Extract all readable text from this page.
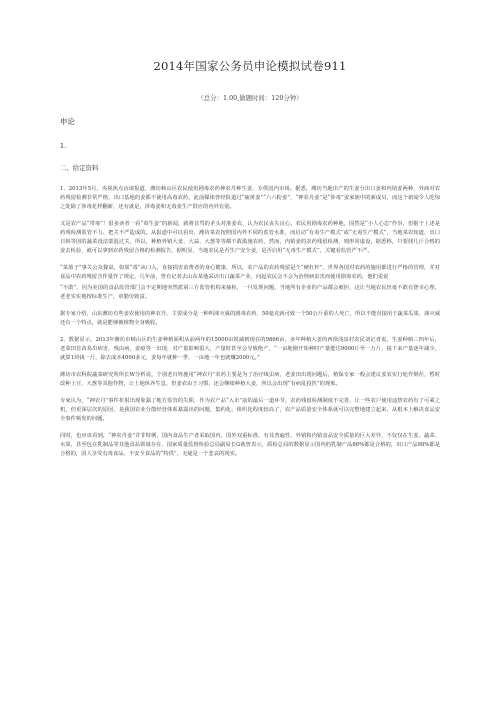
2014年国家公务员申论模拟试卷911
（总分：1.00,做题时间：120分钟）
申论
1.
二、给定资料

1．2013年5月，央视焦点访谈报道，潍坊峡山区农民使用剧毒农药神农丹种生姜，专供国内市场。据悉，潍坊当地出产的生姜分出口姜和内销姜两种，外商对农药残留检测非常严格，出口基地的姜都不使用高毒农药，此前媒体曾经报道过“硫黄姜”“六六粉姜”，“神农丹姜”是“涉毒”姜家族中的新成员，而这个新闻令人吃惊之处除了涉毒花样翻新，还有就是，涉毒姜和无毒姜生产供应的内外有别。

又是农产品“带毒”！很多读者一看“毒生姜”的新闻，就将首骂的矛头对准姜农，认为农民丧失良心。农民用剧毒农药种地，固然是“小人心态”作祟，但据于上述是药残检测监管不力、把关不严造成的。从报道中可以看出，潍坊菜农按照国内外不同的监管水准，而启动“有毒生产模式”或“无毒生产模式”，当地菜农知道，出口日韩等国的蔬菜没法蒙混过关，所以，种植外销大姜、大蒜、大葱等等都不敢滥施农药，然而，内销姜的农药残留检测，则形同虚设，据悉称，只要找几斤合格的姜去检验，就可以拿到农药残留合格的检测报告，据明显，当地农民是否生产安全姜，是否启用“无毒生产模式”，关键看监管严不严。

“菜篮子”事关公众餐桌，如果“毒”从口入，直接损害消费者的身心健康，所以，农产品的农药残留是个“硬杠杆”，世界各国对农药的施用都进行严格的管理，并对食品中农药残留含作量作了规定，几年前，曾有记者去山东某地采访出口蔬菜产业，问起农民会不会为治理病虫害而使用剧毒农药，他们说说

“不敢”，因为美国的食品监管部门会不定期地突然派第三方监管机构来抽检，一旦发现问题，当地所有企业的产品都会被拒，这让当地农民丝毫不敢有侥幸心理，老老实实地按标准生产，章勤劳致富。

据专家介绍，山东潍坊有些姜农使用的神农丹，主要成分是一种叫涕灭威的剧毒农药，50毫克就可致一个50公斤重的人死亡，所以不能直接用于蔬菜瓜果，涕灭威还有一个特点，就是能够被植物全身吸收。

2．数据显示，2013年潍坊市峡山区的生姜种植面积从前两年的15000亩锐减到现在的9866亩，多年种植大姜的西徐浅泉村农民刘记者说，生姜种植三四年后，老菜田首苗易出病害，残由病，姜瘟等一出现，对产量影响很大，产量时甚至会导致绝产，“一亩地刚开始种时产量能达9000斤至一万斤，接下来产量逐年减少，就算1块钱一斤，除去成本4000多元，姜每年就种一季，一亩地一年也就赚2000元。”

潍坊市农科院蔬菜研究所所长W分析说，个别老百姓施用“神农丹”农药主要是为了治疗线虫病，老姜田出现问题后，植保专家一般会建议姜农实行轮作倒茬，暂时改种土豆、大葱等其他作物，让土地休养生息，但姜农由于习惯，还会继续种植大姜，所以会出现“有病乱投医”的现象。

专家认为，“神农丹”事件折射出现象露了地方监管的失职，作为农产品“入市”前的最后一道环节，农药残留检测制度不完善，让一些农户使用违禁农药有了可乘之机，但更深层次的原因，是我国农业分散经营体系暴露出的问题，集约化、组织化程度较高了，农产品质量安全体系就可以完整地建立起来，从根本上解决食品安全事件频发的问题。

同时，也应该看到，“神农丹姜”并非特例，国内食品生产者采取国内、国外双重标准，有其普遍性，外销和内销食品安全质量的巨大差异，不仅仅在生姜、蔬菜、水果，甚至包在乳制品等其他食品领域存在，国家质量监督检验总局副局长G就曾表示，质检总局的数据显示国内的乳制产品86%都是合格的，出口产品98%都是合格的，国人享受有毒食品、不安全食品的“特供”，无疑是一个悲哀的现实。
